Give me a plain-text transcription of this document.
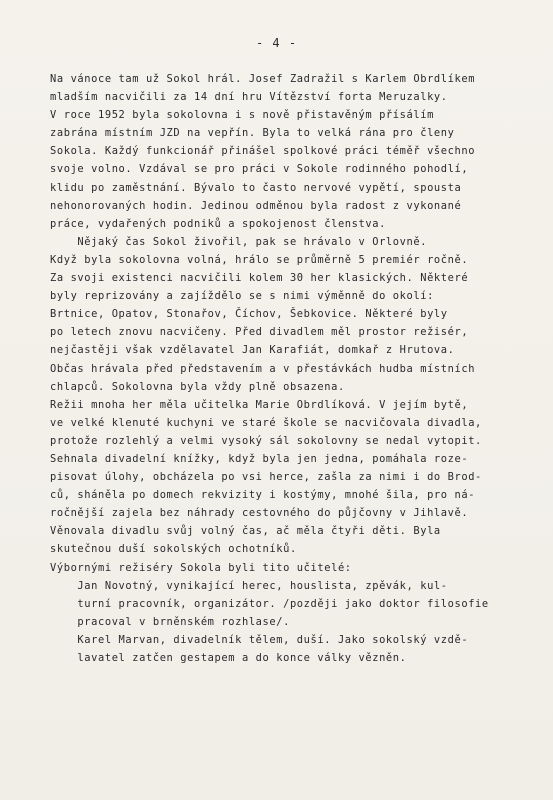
- 4 -
Na vánoce tam už Sokol hrál. Josef Zadražil s Karlem Obrdlíkem
mladším nacvičili za 14 dní hru Vítězství forta Meruzalky.
V roce 1952 byla sokolovna i s nově přistavěným přísálím
zabrána místním JZD na vepřín. Byla to velká rána pro členy
Sokola. Každý funkcionář přinášel spolkové práci téměř všechno
svoje volno. Vzdával se pro práci v Sokole rodinného pohodlí,
klidu po zaměstnání. Bývalo to často nervové vypětí, spousta
nehonorovaných hodin. Jedinou odměnou byla radost z vykonané
práce, vydařených podniků a spokojenost členstva.
Nějaký čas Sokol živořil, pak se hrávalo v Orlovně.
Když byla sokolovna volná, hrálo se průměrně 5 premiér ročně.
Za svoji existenci nacvičili kolem 30 her klasických. Některé
byly reprizovány a zajíždělo se s nimi výměnně do okolí:
Brtnice, Opatov, Stonařov, Číchov, Šebkovice. Některé byly
po letech znovu nacvičeny. Před divadlem měl prostor režisér,
nejčastěji však vzdělavatel Jan Karafiát, domkař z Hrutova.
Občas hrávala před představením a v přestávkách hudba místních
chlapců. Sokolovna byla vždy plně obsazena.
Režii mnoha her měla učitelka Marie Obrdlíková. V jejím bytě,
ve velké klenuté kuchyni ve staré škole se nacvičovala divadla,
protože rozlehlý a velmi vysoký sál sokolovny se nedal vytopit.
Sehnala divadelní knížky, když byla jen jedna, pomáhala roze-
pisovat úlohy, obcházela po vsi herce, zašla za nimi i do Brod-
ců, sháněla po domech rekvizity i kostýmy, mnohé šila, pro ná-
ročnější zajela bez náhrady cestovného do půjčovny v Jihlavě.
Věnovala divadlu svůj volný čas, ač měla čtyři děti. Byla
skutečnou duší sokolských ochotníků.
Výbornými režiséry Sokola byli tito učitelé:
Jan Novotný, vynikající herec, houslista, zpěvák, kul-
turní pracovník, organizátor. /později jako doktor filosofie
pracoval v brněnském rozhlase/.
Karel Marvan, divadelník tělem, duší. Jako sokolský vzdě-
lavatel zatčen gestapem a do konce války vězněn.
